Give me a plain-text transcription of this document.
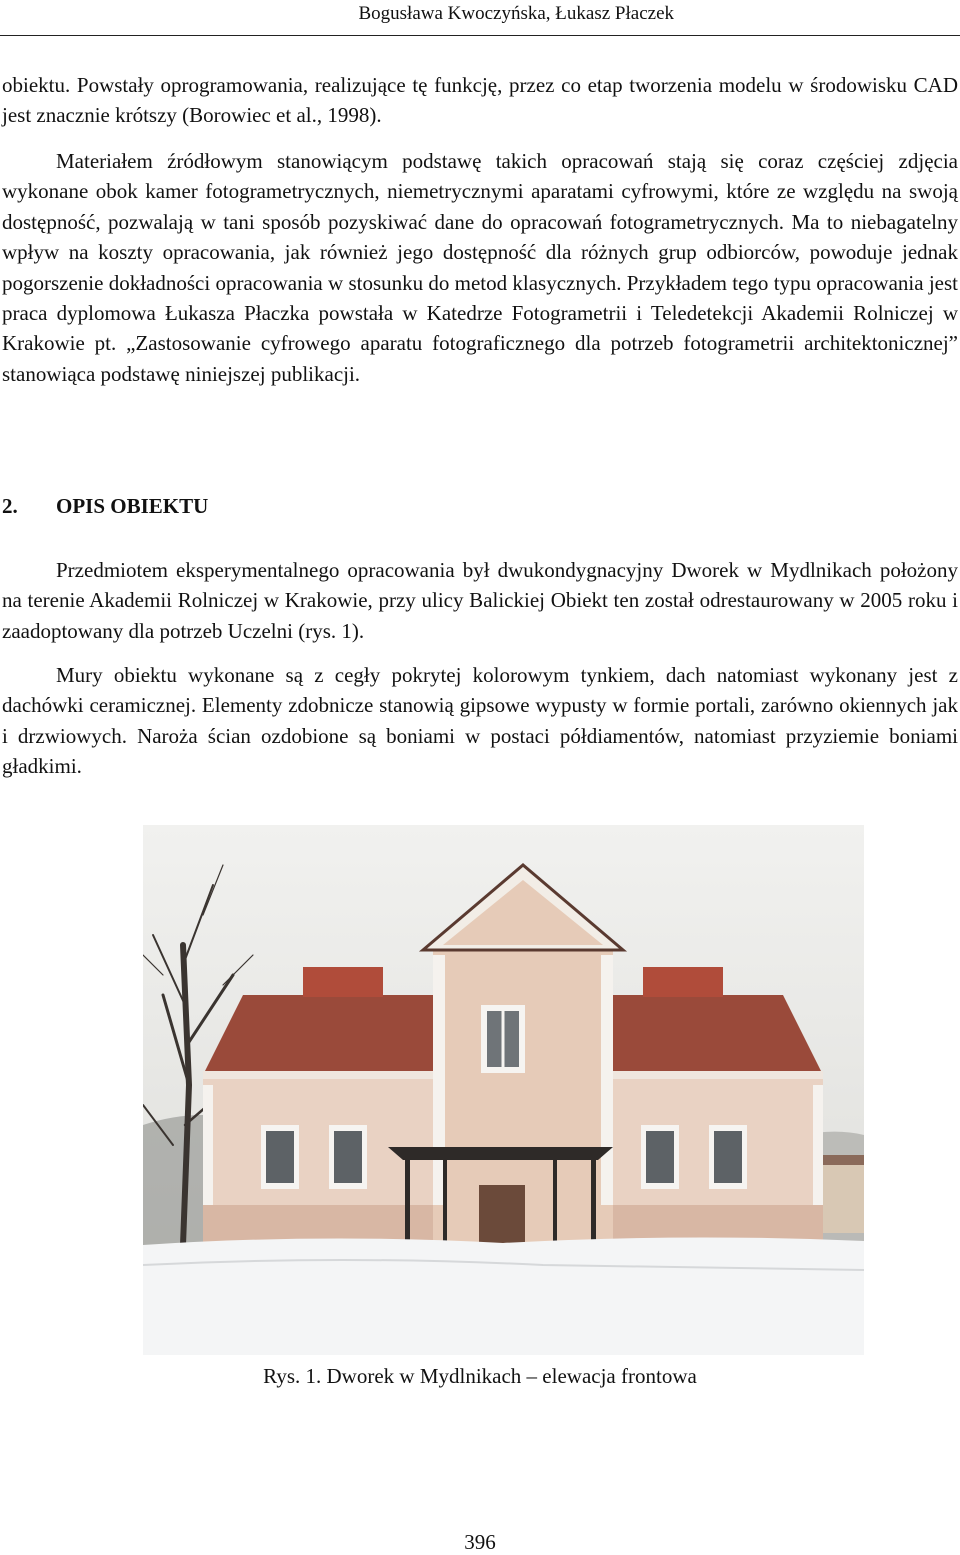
Bogusława Kwoczyńska, Łukasz Płaczek
obiektu. Powstały oprogramowania, realizujące tę funkcję, przez co etap tworzenia modelu w środowisku CAD jest znacznie krótszy (Borowiec et al., 1998).
Materiałem źródłowym stanowiącym podstawę takich opracowań stają się coraz częściej zdjęcia wykonane obok kamer fotogrametrycznych, niemetrycznymi aparatami cyfrowymi, które ze względu na swoją dostępność, pozwalają w tani sposób pozyskiwać dane do opracowań fotogrametrycznych. Ma to niebagatelny wpływ na koszty opracowania, jak również jego dostępność dla różnych grup odbiorców, powoduje jednak pogorszenie dokładności opracowania w stosunku do metod klasycznych. Przykładem tego typu opracowania jest praca dyplomowa Łukasza Płaczka powstała w Katedrze Fotogrametrii i Teledetekcji Akademii Rolniczej w Krakowie pt. „Zastosowanie cyfrowego aparatu fotograficznego dla potrzeb fotogrametrii architektonicznej” stanowiąca podstawę niniejszej publikacji.
2. OPIS OBIEKTU
Przedmiotem eksperymentalnego opracowania był dwukondygnacyjny Dworek w Mydlnikach położony na terenie Akademii Rolniczej w Krakowie, przy ulicy Balickiej Obiekt ten został odrestaurowany w 2005 roku i zaadoptowany dla potrzeb Uczelni (rys. 1).
Mury obiektu wykonane są z cegły pokrytej kolorowym tynkiem, dach natomiast wykonany jest z dachówki ceramicznej. Elementy zdobnicze stanowią gipsowe wypusty w formie portali, zarówno okiennych jak i drzwiowych. Naroża ścian ozdobione są boniami w postaci półdiamentów, natomiast przyziemie boniami gładkimi.
Rys. 1. Dworek w Mydlnikach – elewacja frontowa
396
